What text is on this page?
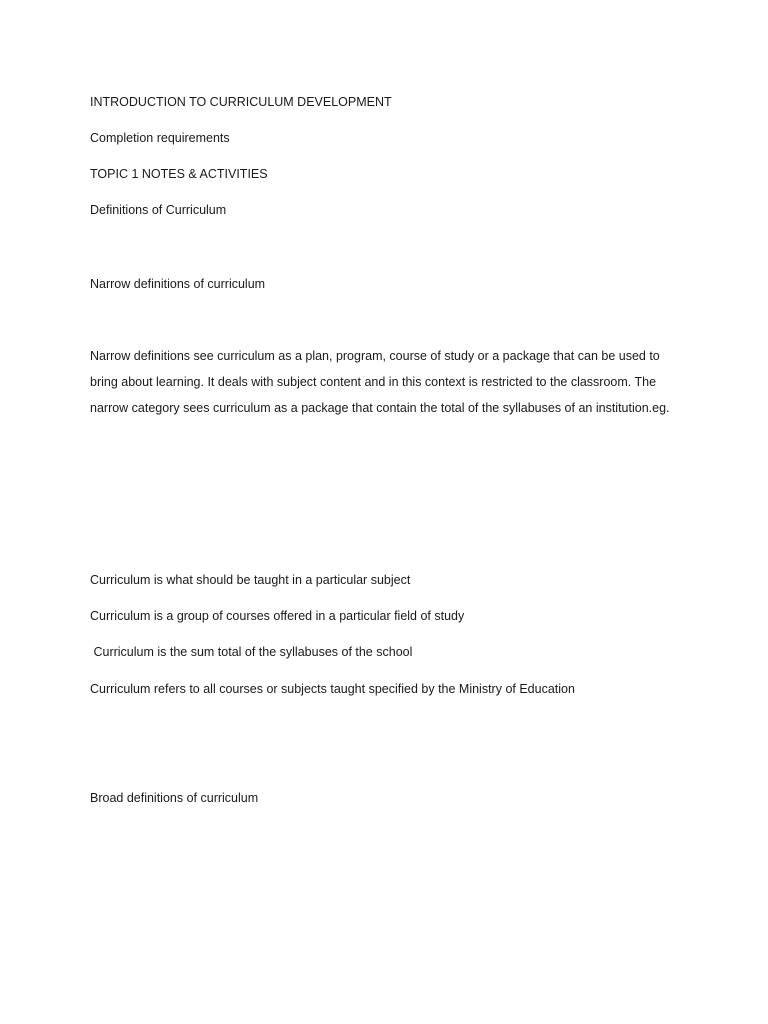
INTRODUCTION TO CURRICULUM DEVELOPMENT

Completion requirements

TOPIC 1 NOTES & ACTIVITIES

Definitions of Curriculum

Narrow definitions of curriculum

Narrow definitions see curriculum as a plan, program, course of study or a package that can be used to bring about learning. It deals with subject content and in this context is restricted to the classroom. The narrow category sees curriculum as a package that contain the total of the syllabuses of an institution.eg.

Curriculum is what should be taught in a particular subject

Curriculum is a group of courses offered in a particular field of study

Curriculum is the sum total of the syllabuses of the school

Curriculum refers to all courses or subjects taught specified by the Ministry of Education

Broad definitions of curriculum
